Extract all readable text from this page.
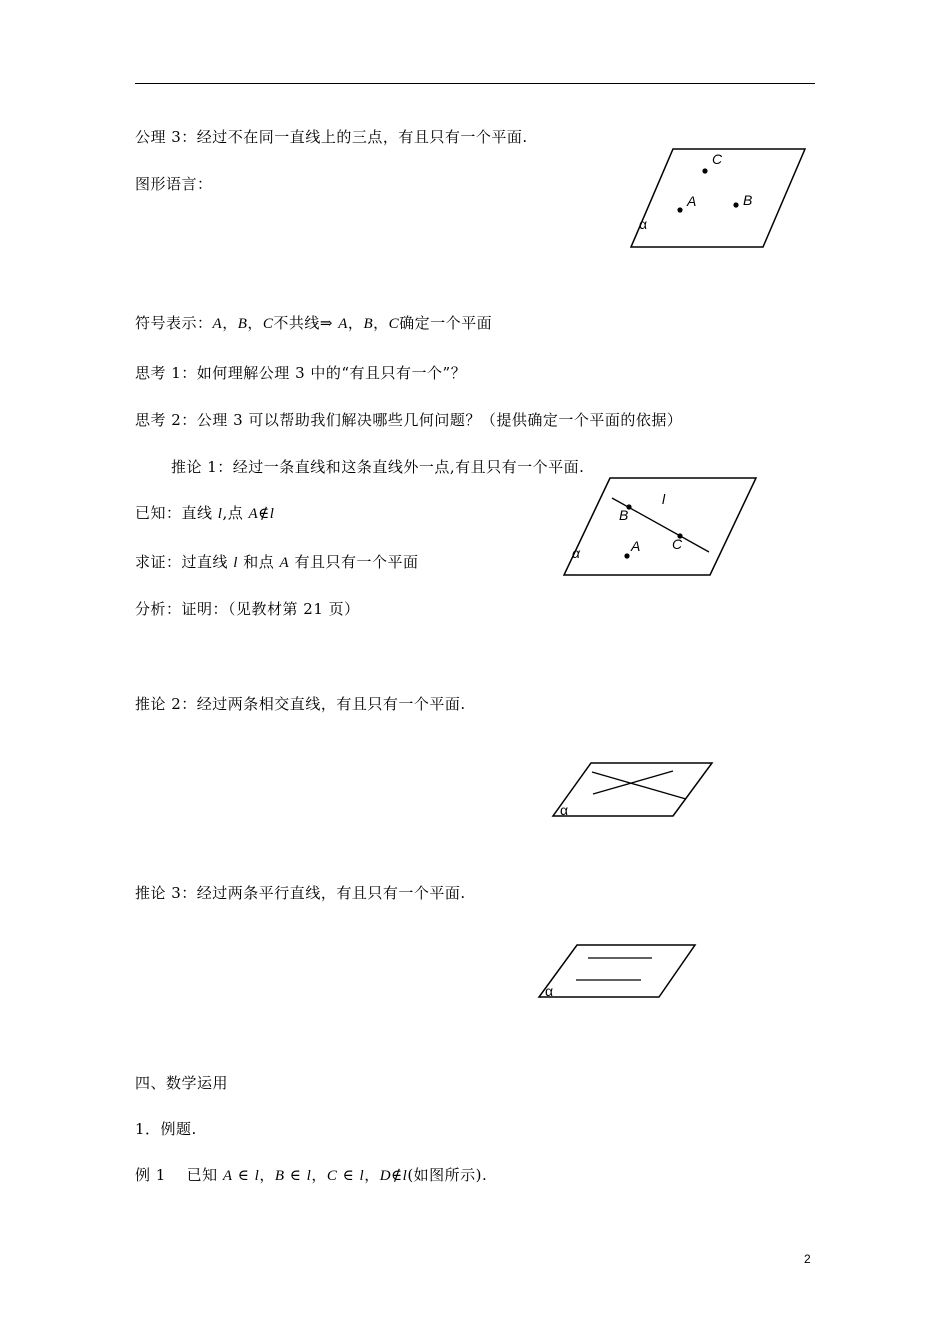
公理 3：经过不在同一直线上的三点，有且只有一个平面.
图形语言：
C
A	B
α
符号表示：A，B，C不共线⇒ A，B，C确定一个平面
思考 1：如何理解公理 3 中的“有且只有一个”？
思考 2：公理 3 可以帮助我们解决哪些几何问题？（提供确定一个平面的依据）
推论 1：经过一条直线和这条直线外一点,有且只有一个平面.
l
B
C
A
α
已知：直线 l,点 A∉l
求证：过直线 l 和点 A 有且只有一个平面
分析：证明：（见教材第 21 页）
推论 2：经过两条相交直线，有且只有一个平面.
α
推论 3：经过两条平行直线，有且只有一个平面.
α
四、数学运用
1．例题.
例 1　 已知 A ∈ l，B ∈ l，C ∈ l，D∉l(如图所示).
2
